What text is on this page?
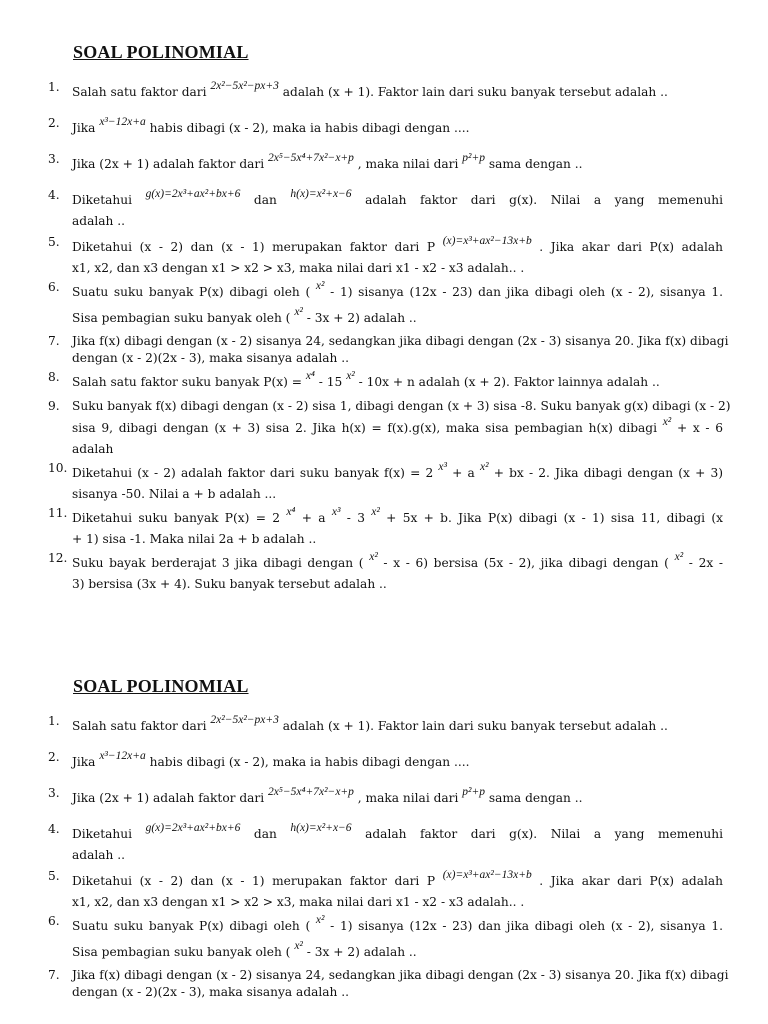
SOAL POLINOMIAL
1. Salah satu faktor dari 2x²−5x²−px+3 adalah (x + 1). Faktor lain dari suku banyak tersebut adalah ..
2. Jika x³−12x+a habis dibagi (x - 2), maka ia habis dibagi dengan ....
3. Jika (2x + 1) adalah faktor dari 2x⁵−5x⁴+7x²−x+p , maka nilai dari p²+p sama dengan ..
4. Diketahui g(x)=2x³+ax²+bx+6 dan h(x)=x²+x−6 adalah faktor dari g(x). Nilai a yang memenuhi
adalah ..
5. Diketahui (x - 2) dan (x - 1) merupakan faktor dari P (x)=x³+ax²−13x+b . Jika akar dari P(x) adalah
x1, x2, dan x3 dengan x1 > x2 > x3, maka nilai dari x1 - x2 - x3 adalah.. .
6. Suatu suku banyak P(x) dibagi oleh ( x² - 1) sisanya (12x - 23) dan jika dibagi oleh (x - 2), sisanya 1.
Sisa pembagian suku banyak oleh ( x² - 3x + 2) adalah ..
7. Jika f(x) dibagi dengan (x - 2) sisanya 24, sedangkan jika dibagi dengan (2x - 3) sisanya 20. Jika f(x) dibagi
dengan (x - 2)(2x - 3), maka sisanya adalah ..
8. Salah satu faktor suku banyak P(x) = x⁴ - 15 x² - 10x + n adalah (x + 2). Faktor lainnya adalah ..
9. Suku banyak f(x) dibagi dengan (x - 2) sisa 1, dibagi dengan (x + 3) sisa -8. Suku banyak g(x) dibagi (x - 2)
sisa 9, dibagi dengan (x + 3) sisa 2. Jika h(x) = f(x).g(x), maka sisa pembagian h(x) dibagi x² + x - 6
adalah
10. Diketahui (x - 2) adalah faktor dari suku banyak f(x) = 2 x³ + a x² + bx - 2. Jika dibagi dengan (x + 3)
sisanya -50. Nilai a + b adalah ...
11. Diketahui suku banyak P(x) = 2 x⁴ + a x³ - 3 x² + 5x + b. Jika P(x) dibagi (x - 1) sisa 11, dibagi (x
+ 1) sisa -1. Maka nilai 2a + b adalah ..
12. Suku bayak berderajat 3 jika dibagi dengan ( x² - x - 6) bersisa (5x - 2), jika dibagi dengan ( x² - 2x -
3) bersisa (3x + 4). Suku banyak tersebut adalah ..
SOAL POLINOMIAL
1. Salah satu faktor dari 2x²−5x²−px+3 adalah (x + 1). Faktor lain dari suku banyak tersebut adalah ..
2. Jika x³−12x+a habis dibagi (x - 2), maka ia habis dibagi dengan ....
3. Jika (2x + 1) adalah faktor dari 2x⁵−5x⁴+7x²−x+p , maka nilai dari p²+p sama dengan ..
4. Diketahui g(x)=2x³+ax²+bx+6 dan h(x)=x²+x−6 adalah faktor dari g(x). Nilai a yang memenuhi
adalah ..
5. Diketahui (x - 2) dan (x - 1) merupakan faktor dari P (x)=x³+ax²−13x+b . Jika akar dari P(x) adalah
x1, x2, dan x3 dengan x1 > x2 > x3, maka nilai dari x1 - x2 - x3 adalah.. .
6. Suatu suku banyak P(x) dibagi oleh ( x² - 1) sisanya (12x - 23) dan jika dibagi oleh (x - 2), sisanya 1.
Sisa pembagian suku banyak oleh ( x² - 3x + 2) adalah ..
7. Jika f(x) dibagi dengan (x - 2) sisanya 24, sedangkan jika dibagi dengan (2x - 3) sisanya 20. Jika f(x) dibagi
dengan (x - 2)(2x - 3), maka sisanya adalah ..
